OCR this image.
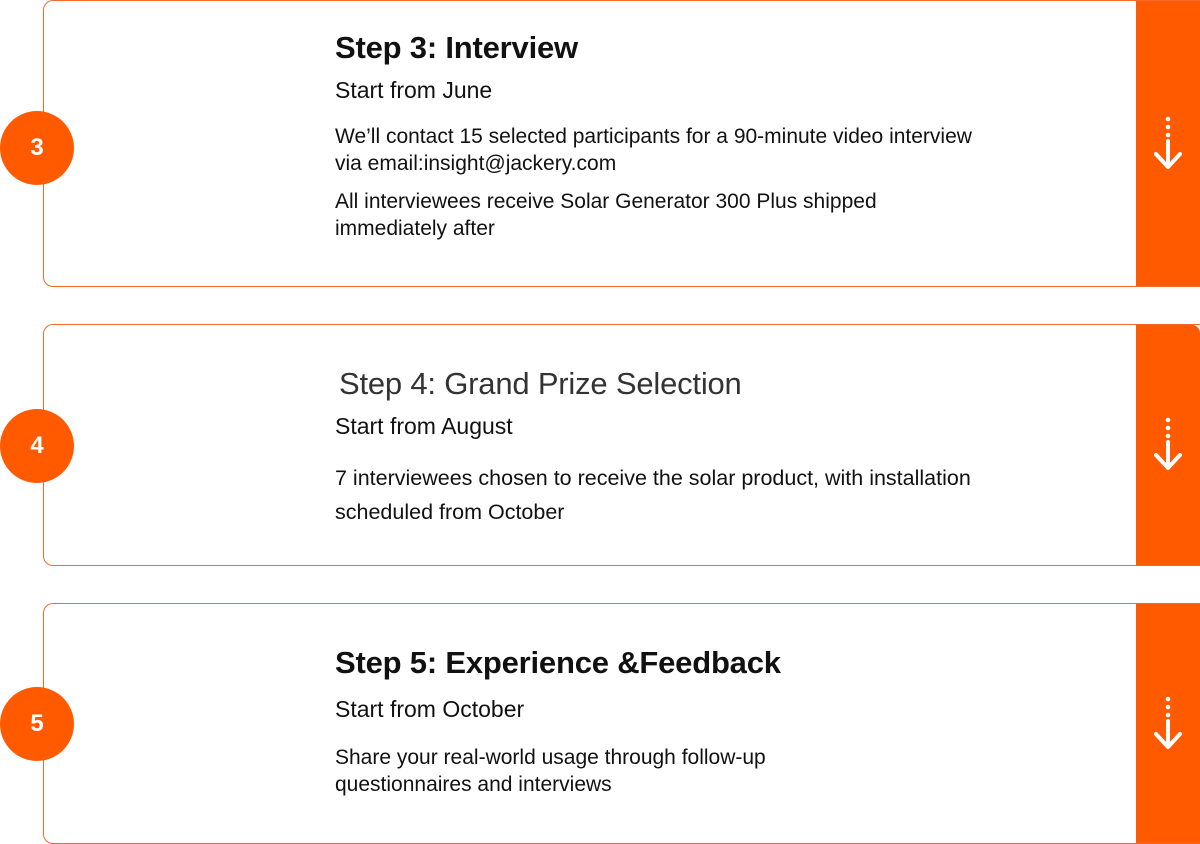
Step 3: Interview

Start from June

We’ll contact 15 selected participants for a 90-minute video interview via email:insight@jackery.com

All interviewees receive Solar Generator 300 Plus shipped immediately after

3
Step 4: Grand Prize Selection

Start from August

7 interviewees chosen to receive the solar product, with installation scheduled from October

4
Step 5: Experience &Feedback

Start from October

Share your real-world usage through follow-up questionnaires and interviews

5
